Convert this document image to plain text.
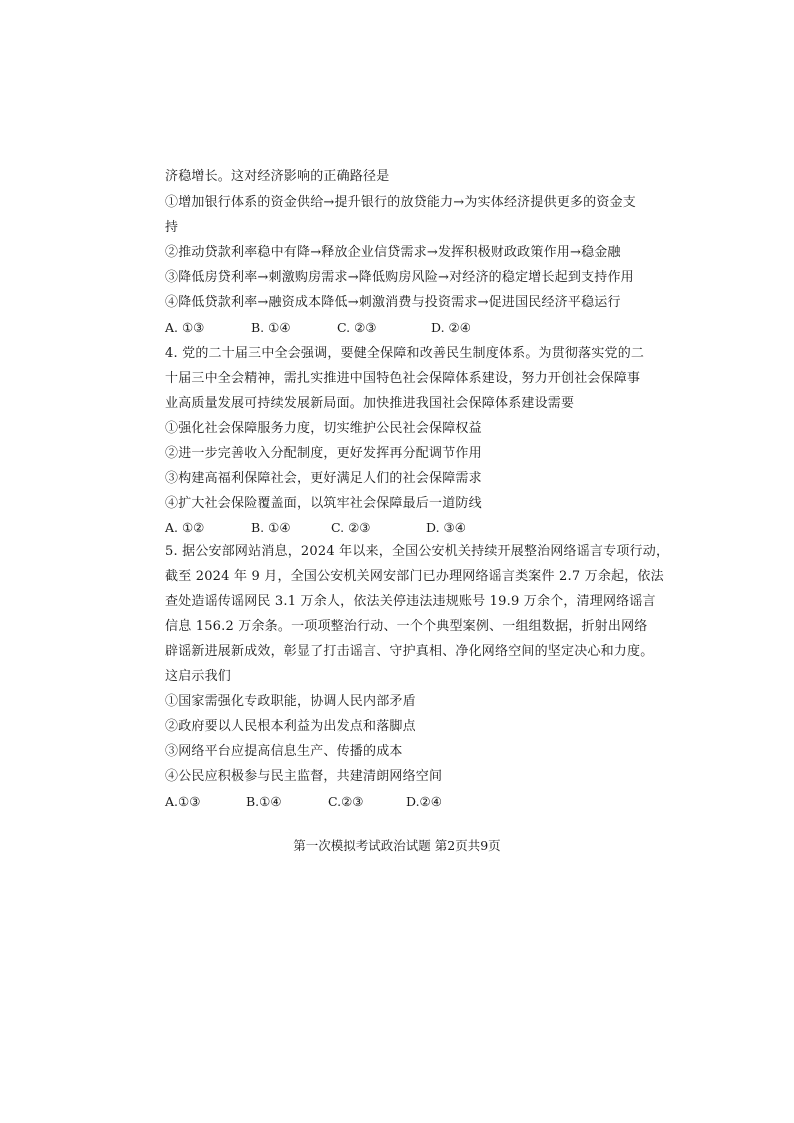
济稳增长。这对经济影响的正确路径是
①增加银行体系的资金供给→提升银行的放贷能力→为实体经济提供更多的资金支
持
②推动贷款利率稳中有降→释放企业信贷需求→发挥积极财政政策作用→稳金融
③降低房贷利率→刺激购房需求→降低购房风险→对经济的稳定增长起到支持作用
④降低贷款利率→融资成本降低→刺激消费与投资需求→促进国民经济平稳运行
A. ①③	B. ①④	C. ②③	D. ②④
4. 党的二十届三中全会强调，要健全保障和改善民生制度体系。为贯彻落实党的二
十届三中全会精神，需扎实推进中国特色社会保障体系建设，努力开创社会保障事
业高质量发展可持续发展新局面。加快推进我国社会保障体系建设需要
①强化社会保障服务力度，切实维护公民社会保障权益
②进一步完善收入分配制度，更好发挥再分配调节作用
③构建高福利保障社会，更好满足人们的社会保障需求
④扩大社会保险覆盖面，以筑牢社会保障最后一道防线
A. ①②	B. ①④	C. ②③	D. ③④
5. 据公安部网站消息，2024 年以来，全国公安机关持续开展整治网络谣言专项行动，
截至 2024 年 9 月，全国公安机关网安部门已办理网络谣言类案件 2.7 万余起，依法
查处造谣传谣网民 3.1 万余人，依法关停违法违规账号 19.9 万余个，清理网络谣言
信息 156.2 万余条。一项项整治行动、一个个典型案例、一组组数据，折射出网络
辟谣新进展新成效，彰显了打击谣言、守护真相、净化网络空间的坚定决心和力度。
这启示我们
①国家需强化专政职能，协调人民内部矛盾
②政府要以人民根本利益为出发点和落脚点
③网络平台应提高信息生产、传播的成本
④公民应积极参与民主监督，共建清朗网络空间
A.①③	B.①④	C.②③	D.②④
第一次模拟考试政治试题 第2页共9页
